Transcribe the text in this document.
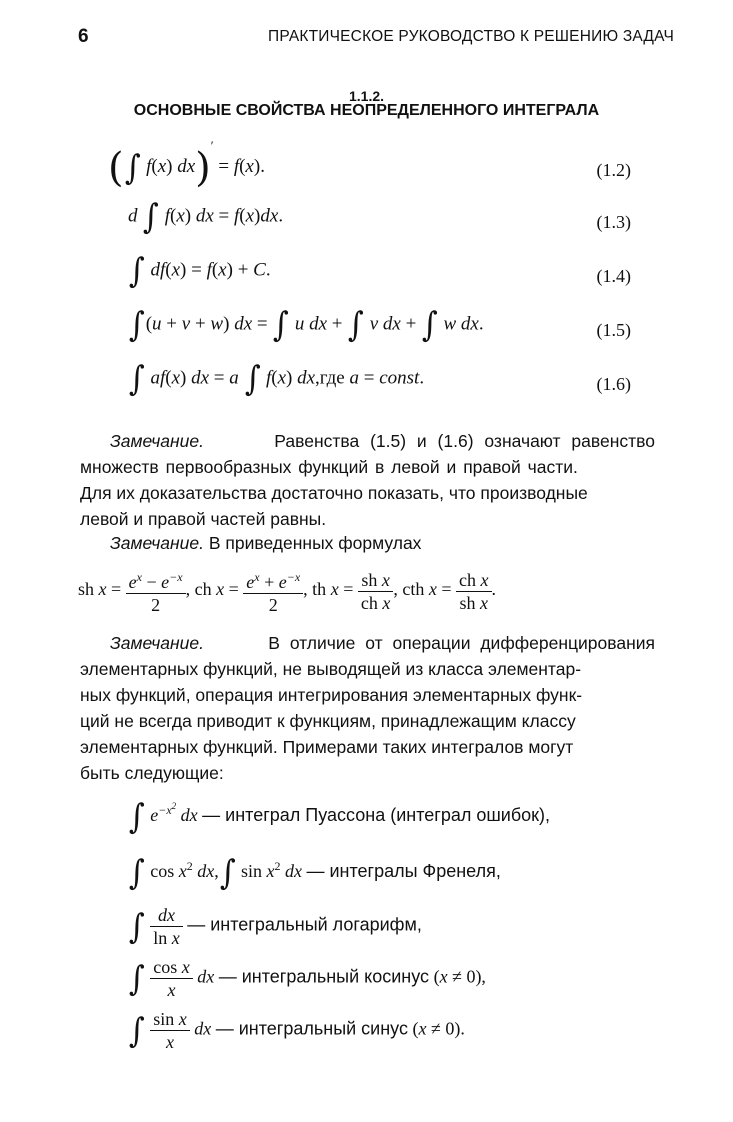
6	ПРАКТИЧЕСКОЕ РУКОВОДСТВО К РЕШЕНИЮ ЗАДАЧ
1.1.2.
ОСНОВНЫЕ СВОЙСТВА НЕОПРЕДЕЛЕННОГО ИНТЕГРАЛА
(∫ f(x) dx)′ = f(x).	(1.2)
d ∫ f(x) dx = f(x)dx.	(1.3)
∫ df(x) = f(x) + C.	(1.4)
∫(u + v + w) dx = ∫ u dx + ∫ v dx + ∫ w dx.	(1.5)
∫ af(x) dx = a ∫ f(x) dx,где a = const.	(1.6)
Замечание.	Равенства (1.5) и (1.6) означают равенство
множеств первообразных функций в левой и правой части.
Для их доказательства достаточно показать, что производные
левой и правой частей равны.
Замечание. В приведенных формулах
sh $x = \frac{e^x - e^{-x}}{2}$ , ch $x = \frac{e^x + e^{-x}}{2}$ , th $x = \frac{\text{sh x}}{\text{ch x}}$ , cth $x = \frac{\text{ch x}}{\text{sh x}}$ .
Замечание.	В отличие от операции дифференцирования
элементарных функций, не выводящей из класса элементар-
ных функций, операция интегрирования элементарных функ-
ций не всегда приводит к функциям, принадлежащим классу
элементарных функций. Примерами таких интегралов могут
быть следующие:
∫ $e^{-x^2}$ dx — интеграл Пуассона (интеграл ошибок),
∫ $\cos x^2$ dx,∫ $\sin x^2$ dx — интегралы Френеля,
∫ $\frac{dx}{\text{ln x}}$ — интегральный логарифм,
∫ $\frac{\text{cos x}}{x}$ dx — интегральный косинус (x ≠ 0),
∫ $\frac{\text{sin x}}{x}$ dx — интегральный синус (x ≠ 0).
